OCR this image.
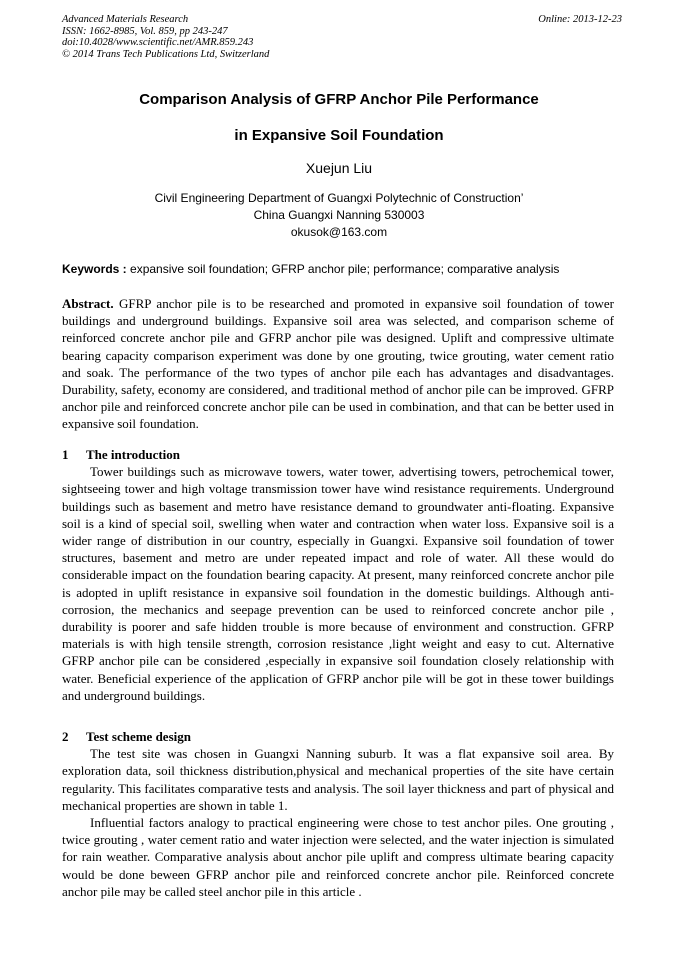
Advanced Materials Research
ISSN: 1662-8985, Vol. 859, pp 243-247
doi:10.4028/www.scientific.net/AMR.859.243
© 2014 Trans Tech Publications Ltd, Switzerland
Online: 2013-12-23
Comparison Analysis of GFRP Anchor Pile Performance
in Expansive Soil Foundation
Xuejun Liu
Civil Engineering Department of Guangxi Polytechnic of Construction’
China Guangxi Nanning 530003
okusok@163.com
Keywords : expansive soil foundation; GFRP anchor pile; performance; comparative analysis

Abstract. GFRP anchor pile is to be researched and promoted in expansive soil foundation of tower buildings and underground buildings. Expansive soil area was selected, and comparison scheme of reinforced concrete anchor pile and GFRP anchor pile was designed. Uplift and compressive ultimate bearing capacity comparison experiment was done by one grouting, twice grouting, water cement ratio and soak. The performance of the two types of anchor pile each has advantages and disadvantages. Durability, safety, economy are considered, and traditional method of anchor pile can be improved. GFRP anchor pile and reinforced concrete anchor pile can be used in combination, and that can be better used in expansive soil foundation.

1 The introduction

Tower buildings such as microwave towers, water tower, advertising towers, petrochemical tower, sightseeing tower and high voltage transmission tower have wind resistance requirements. Underground buildings such as basement and metro have resistance demand to groundwater anti-floating. Expansive soil is a kind of special soil, swelling when water and contraction when water loss. Expansive soil is a wider range of distribution in our country, especially in Guangxi. Expansive soil foundation of tower structures, basement and metro are under repeated impact and role of water. All these would do considerable impact on the foundation bearing capacity. At present, many reinforced concrete anchor pile is adopted in uplift resistance in expansive soil foundation in the domestic buildings. Although anti-corrosion, the mechanics and seepage prevention can be used to reinforced concrete anchor pile , durability is poorer and safe hidden trouble is more because of environment and construction. GFRP materials is with high tensile strength, corrosion resistance ,light weight and easy to cut. Alternative GFRP anchor pile can be considered ,especially in expansive soil foundation closely relationship with water. Beneficial experience of the application of GFRP anchor pile will be got in these tower buildings and underground buildings.

2 Test scheme design

The test site was chosen in Guangxi Nanning suburb. It was a flat expansive soil area. By exploration data, soil thickness distribution,physical and mechanical properties of the site have certain regularity. This facilitates comparative tests and analysis. The soil layer thickness and part of physical and mechanical properties are shown in table 1.

Influential factors analogy to practical engineering were chose to test anchor piles. One grouting , twice grouting , water cement ratio and water injection were selected, and the water injection is simulated for rain weather. Comparative analysis about anchor pile uplift and compress ultimate bearing capacity would be done beween GFRP anchor pile and reinforced concrete anchor pile. Reinforced concrete anchor pile may be called steel anchor pile in this article .
